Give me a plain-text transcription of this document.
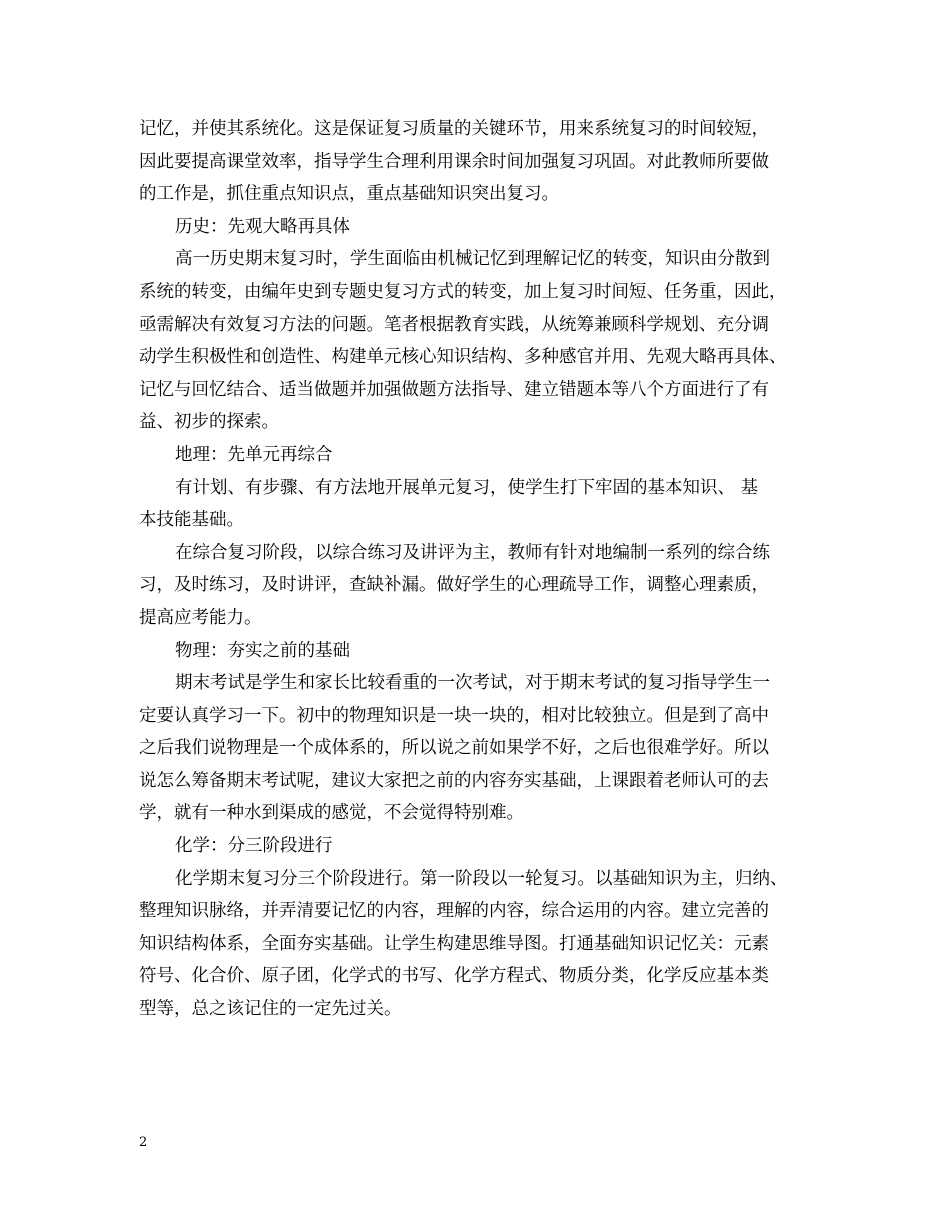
记忆，并使其系统化。这是保证复习质量的关键环节，用来系统复习的时间较短，
因此要提高课堂效率，指导学生合理利用课余时间加强复习巩固。对此教师所要做
的工作是，抓住重点知识点，重点基础知识突出复习。
历史：先观大略再具体
高一历史期末复习时，学生面临由机械记忆到理解记忆的转变，知识由分散到
系统的转变，由编年史到专题史复习方式的转变，加上复习时间短、任务重，因此，
亟需解决有效复习方法的问题。笔者根据教育实践，从统筹兼顾科学规划、充分调
动学生积极性和创造性、构建单元核心知识结构、多种感官并用、先观大略再具体、
记忆与回忆结合、适当做题并加强做题方法指导、建立错题本等八个方面进行了有
益、初步的探索。
地理：先单元再综合
有计划、有步骤、有方法地开展单元复习，使学生打下牢固的基本知识、 基
本技能基础。
在综合复习阶段，以综合练习及讲评为主，教师有针对地编制一系列的综合练
习，及时练习，及时讲评，查缺补漏。做好学生的心理疏导工作，调整心理素质，
提高应考能力。
物理：夯实之前的基础
期末考试是学生和家长比较看重的一次考试，对于期末考试的复习指导学生一
定要认真学习一下。初中的物理知识是一块一块的，相对比较独立。但是到了高中
之后我们说物理是一个成体系的，所以说之前如果学不好，之后也很难学好。所以
说怎么筹备期末考试呢，建议大家把之前的内容夯实基础，上课跟着老师认可的去
学，就有一种水到渠成的感觉，不会觉得特别难。
化学：分三阶段进行
化学期末复习分三个阶段进行。第一阶段以一轮复习。以基础知识为主，归纳、
整理知识脉络，并弄清要记忆的内容，理解的内容，综合运用的内容。建立完善的
知识结构体系，全面夯实基础。让学生构建思维导图。打通基础知识记忆关：元素
符号、化合价、原子团，化学式的书写、化学方程式、物质分类，化学反应基本类
型等，总之该记住的一定先过关。
2
